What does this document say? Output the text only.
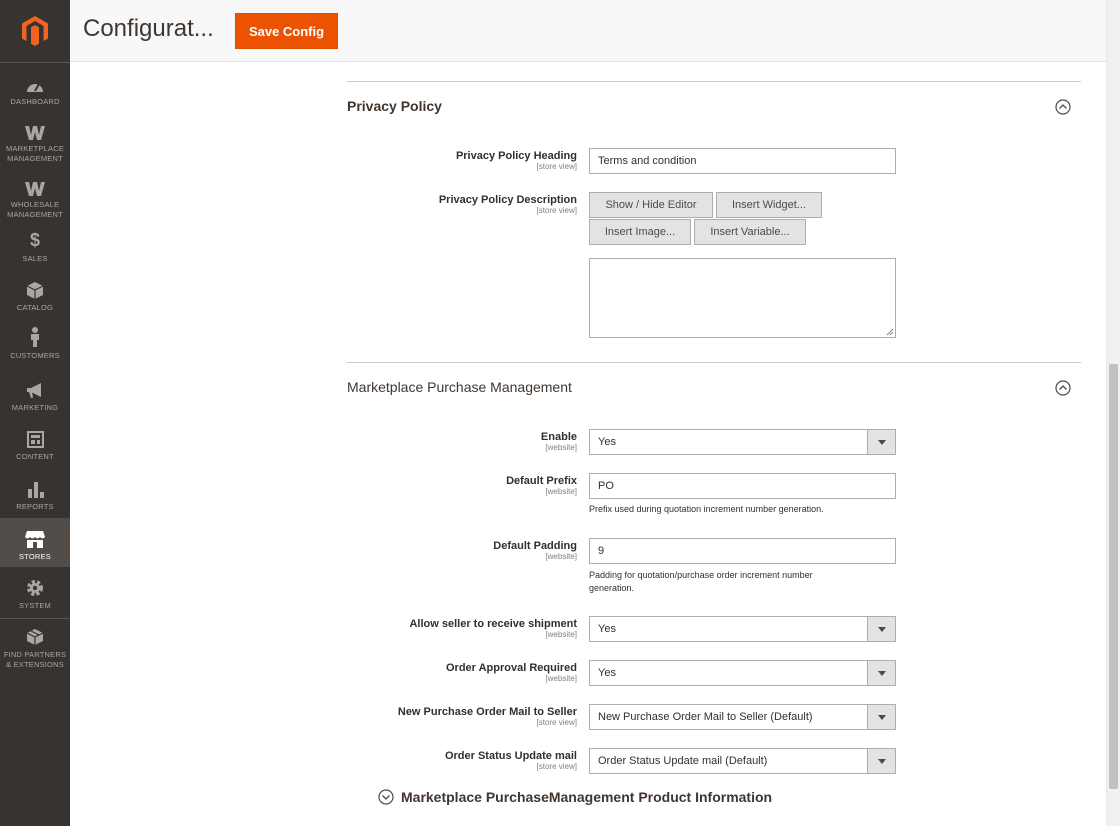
DASHBOARD
MARKETPLACE MANAGEMENT
WHOLESALE MANAGEMENT
$
SALES
CATALOG
CUSTOMERS
MARKETING
CONTENT
REPORTS
STORES
SYSTEM
FIND PARTNERS & EXTENSIONS
Configurat...	Save Config
Privacy Policy
Privacy Policy Heading
[store view]	Terms and condition
Privacy Policy Description
[store view]	Show / Hide Editor	Insert Widget...
Insert Image...	Insert Variable...
Marketplace Purchase Management
Enable
[website] Yes
Default Prefix
[website]	PO
Prefix used during quotation increment number generation.
Default Padding
[website]	9
Padding for quotation/purchase order increment number generation.
Allow seller to receive shipment
[website] Yes
Order Approval Required
[website] Yes
New Purchase Order Mail to Seller
[store view] New Purchase Order Mail to Seller (Default)
Order Status Update mail
[store view] Order Status Update mail (Default)
Marketplace PurchaseManagement Product Information
